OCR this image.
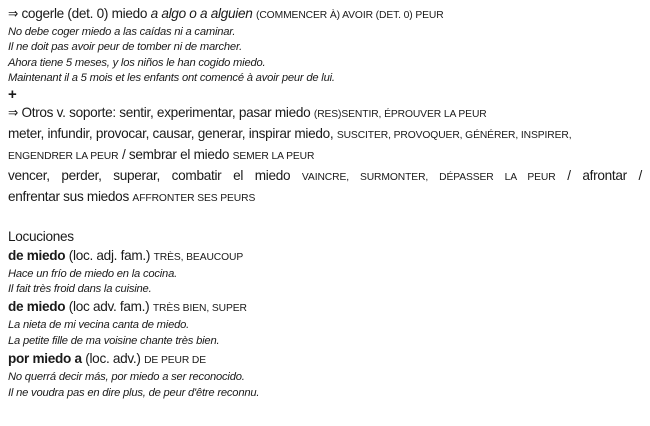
⇒ cogerle (det. 0) miedo a algo o a alguien (COMMENCER À) AVOIR (DET. 0) PEUR
No debe coger miedo a las caídas ni a caminar.
Il ne doit pas avoir peur de tomber ni de marcher.
Ahora tiene 5 meses, y los niños le han cogido miedo.
Maintenant il a 5 mois et les enfants ont comencé à avoir peur de lui.
+
⇒ Otros v. soporte: sentir, experimentar, pasar miedo (RES)SENTIR, ÉPROUVER LA PEUR
meter, infundir, provocar, causar, generar, inspirar miedo, SUSCITER, PROVOQUER, GÉNÉRER, INSPIRER,
ENGENDRER LA PEUR / sembrar el miedo SEMER LA PEUR
vencer, perder, superar, combatir el miedo VAINCRE, SURMONTER, DÉPASSER LA PEUR / afrontar /
enfrentar sus miedos AFFRONTER SES PEURS
Locuciones
de miedo (loc. adj. fam.) TRÈS, BEAUCOUP
Hace un frío de miedo en la cocina.
Il fait très froid dans la cuisine.
de miedo (loc adv. fam.) TRÈS BIEN, SUPER
La nieta de mi vecina canta de miedo.
La petite fille de ma voisine chante très bien.
por miedo a (loc. adv.) DE PEUR DE
No querrá decir más, por miedo a ser reconocido.
Il ne voudra pas en dire plus, de peur d'être reconnu.
